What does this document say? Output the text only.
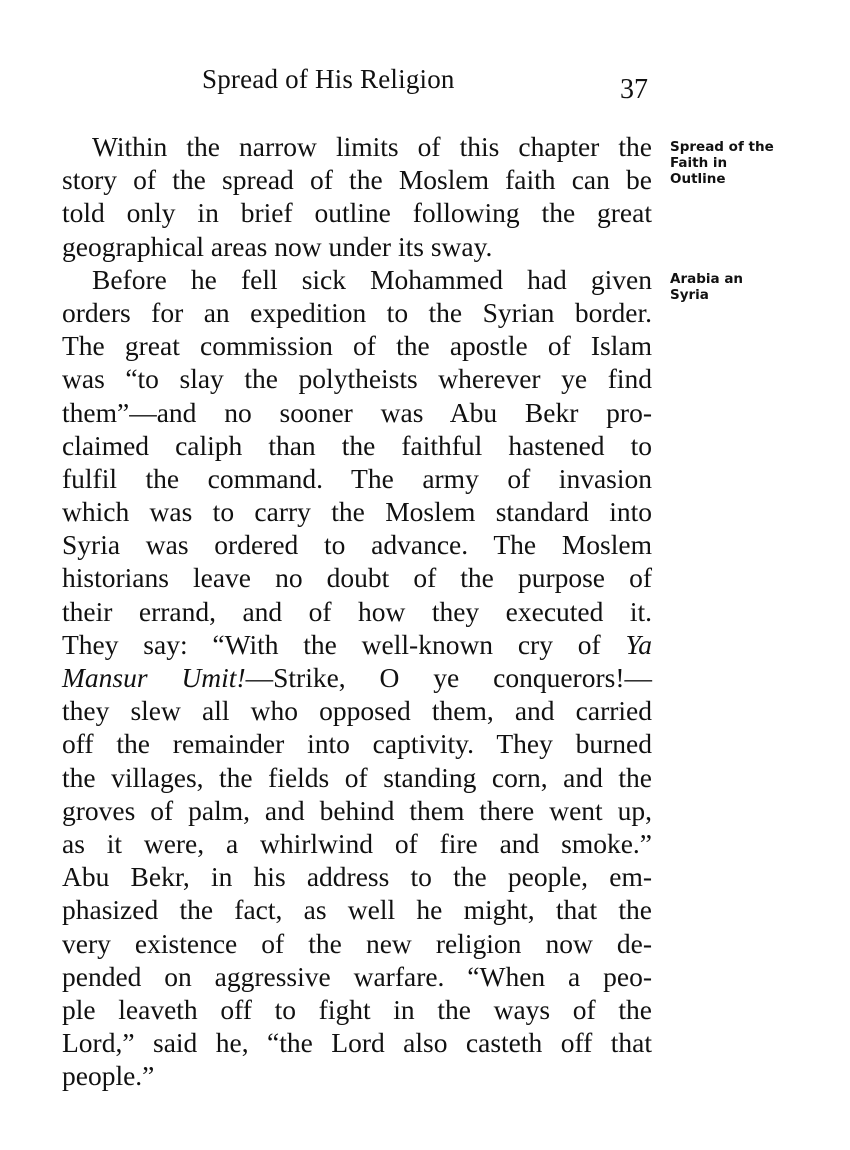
Spread of His Religion	37
Spread of the
Faith in
Outline
Arabia an
Syria
Within the narrow limits of this chapter the
story of the spread of the Moslem faith can be
told only in brief outline following the great
geographical areas now under its sway.
Before he fell sick Mohammed had given
orders for an expedition to the Syrian border.
The great commission of the apostle of Islam
was “to slay the polytheists wherever ye find
them”—and no sooner was Abu Bekr pro-
claimed caliph than the faithful hastened to
fulfil the command. The army of invasion
which was to carry the Moslem standard into
Syria was ordered to advance. The Moslem
historians leave no doubt of the purpose of
their errand, and of how they executed it.
They say: “With the well-known cry of Ya
Mansur Umit!—Strike, O ye conquerors!—
they slew all who opposed them, and carried
off the remainder into captivity. They burned
the villages, the fields of standing corn, and the
groves of palm, and behind them there went up,
as it were, a whirlwind of fire and smoke.”
Abu Bekr, in his address to the people, em-
phasized the fact, as well he might, that the
very existence of the new religion now de-
pended on aggressive warfare. “When a peo-
ple leaveth off to fight in the ways of the
Lord,” said he, “the Lord also casteth off that
people.”
